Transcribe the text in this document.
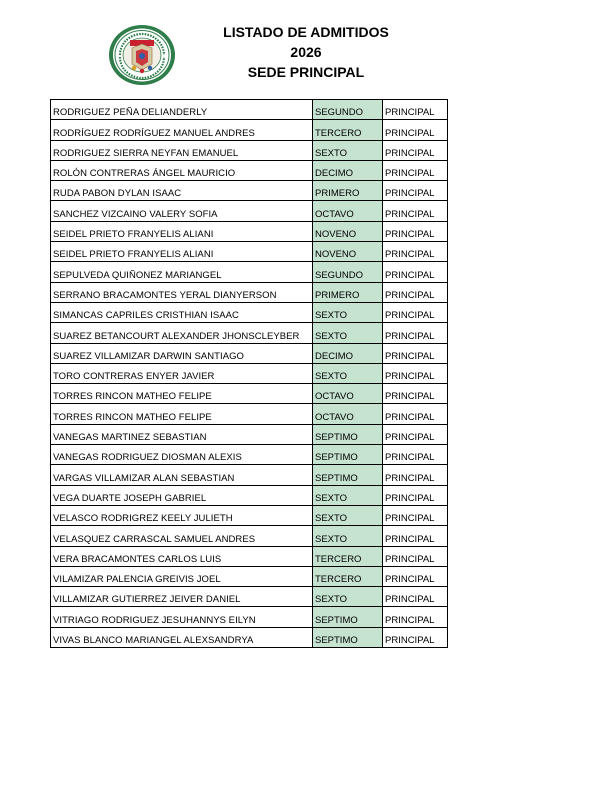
LISTADO DE ADMITIDOS
2026
SEDE PRINCIPAL
RODRIGUEZ PEÑA DELIANDERLY	SEGUNDO	PRINCIPAL
RODRÍGUEZ RODRÍGUEZ MANUEL ANDRES	TERCERO	PRINCIPAL
RODRIGUEZ SIERRA NEYFAN EMANUEL	SEXTO	PRINCIPAL
ROLÓN CONTRERAS ÁNGEL MAURICIO	DECIMO	PRINCIPAL
RUDA PABON DYLAN ISAAC	PRIMERO	PRINCIPAL
SANCHEZ VIZCAINO VALERY SOFIA	OCTAVO	PRINCIPAL
SEIDEL PRIETO FRANYELIS ALIANI	NOVENO	PRINCIPAL
SEIDEL PRIETO FRANYELIS ALIANI	NOVENO	PRINCIPAL
SEPULVEDA QUIÑONEZ MARIANGEL	SEGUNDO	PRINCIPAL
SERRANO BRACAMONTES YERAL DIANYERSON	PRIMERO	PRINCIPAL
SIMANCAS CAPRILES CRISTHIAN ISAAC	SEXTO	PRINCIPAL
SUAREZ BETANCOURT ALEXANDER JHONSCLEYBER	SEXTO	PRINCIPAL
SUAREZ VILLAMIZAR DARWIN SANTIAGO	DECIMO	PRINCIPAL
TORO CONTRERAS ENYER JAVIER	SEXTO	PRINCIPAL
TORRES RINCON MATHEO FELIPE	OCTAVO	PRINCIPAL
TORRES RINCON MATHEO FELIPE	OCTAVO	PRINCIPAL
VANEGAS MARTINEZ SEBASTIAN	SEPTIMO	PRINCIPAL
VANEGAS RODRIGUEZ DIOSMAN ALEXIS	SEPTIMO	PRINCIPAL
VARGAS VILLAMIZAR ALAN SEBASTIAN	SEPTIMO	PRINCIPAL
VEGA DUARTE JOSEPH GABRIEL	SEXTO	PRINCIPAL
VELASCO RODRIGREZ KEELY JULIETH	SEXTO	PRINCIPAL
VELASQUEZ CARRASCAL SAMUEL ANDRES	SEXTO	PRINCIPAL
VERA BRACAMONTES CARLOS LUIS	TERCERO	PRINCIPAL
VILAMIZAR PALENCIA GREIVIS JOEL	TERCERO	PRINCIPAL
VILLAMIZAR GUTIERREZ JEIVER DANIEL	SEXTO	PRINCIPAL
VITRIAGO RODRIGUEZ JESUHANNYS EILYN	SEPTIMO	PRINCIPAL
VIVAS BLANCO MARIANGEL ALEXSANDRYA	SEPTIMO	PRINCIPAL
